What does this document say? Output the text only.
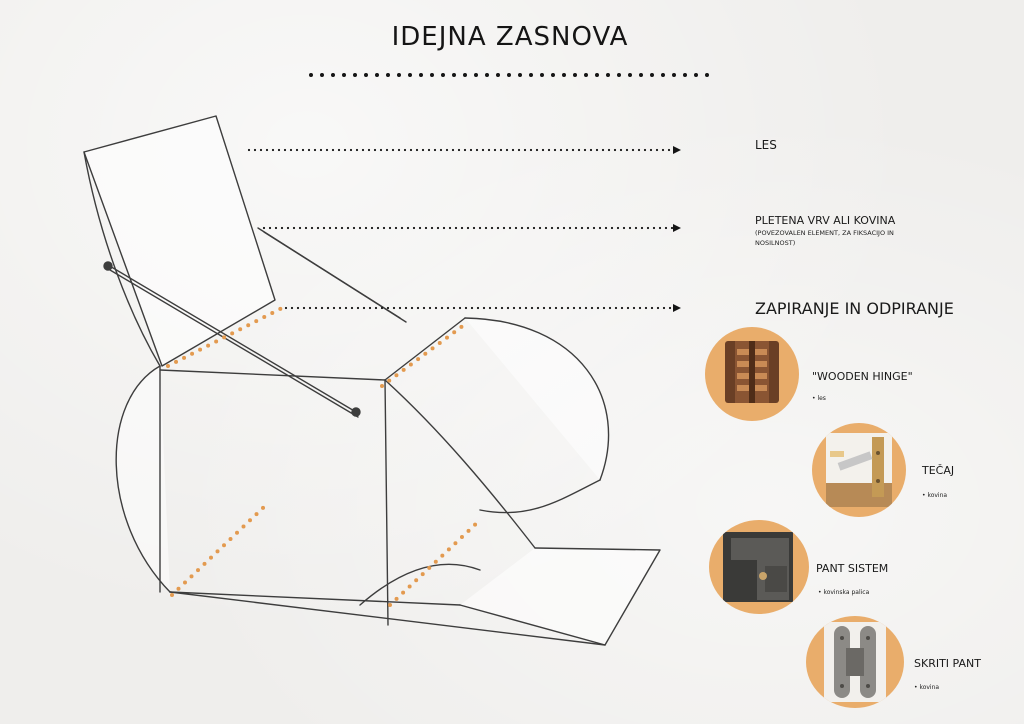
IDEJNA ZASNOVA
LES
PLETENA VRV ALI KOVINA
(POVEZOVALEN ELEMENT, ZA FIKSACIJO IN
NOSILNOST)
ZAPIRANJE IN ODPIRANJE
"WOODEN HINGE"
• les
TEČAJ
• kovina
PANT SISTEM
• kovinska palica
SKRITI PANT
• kovina
